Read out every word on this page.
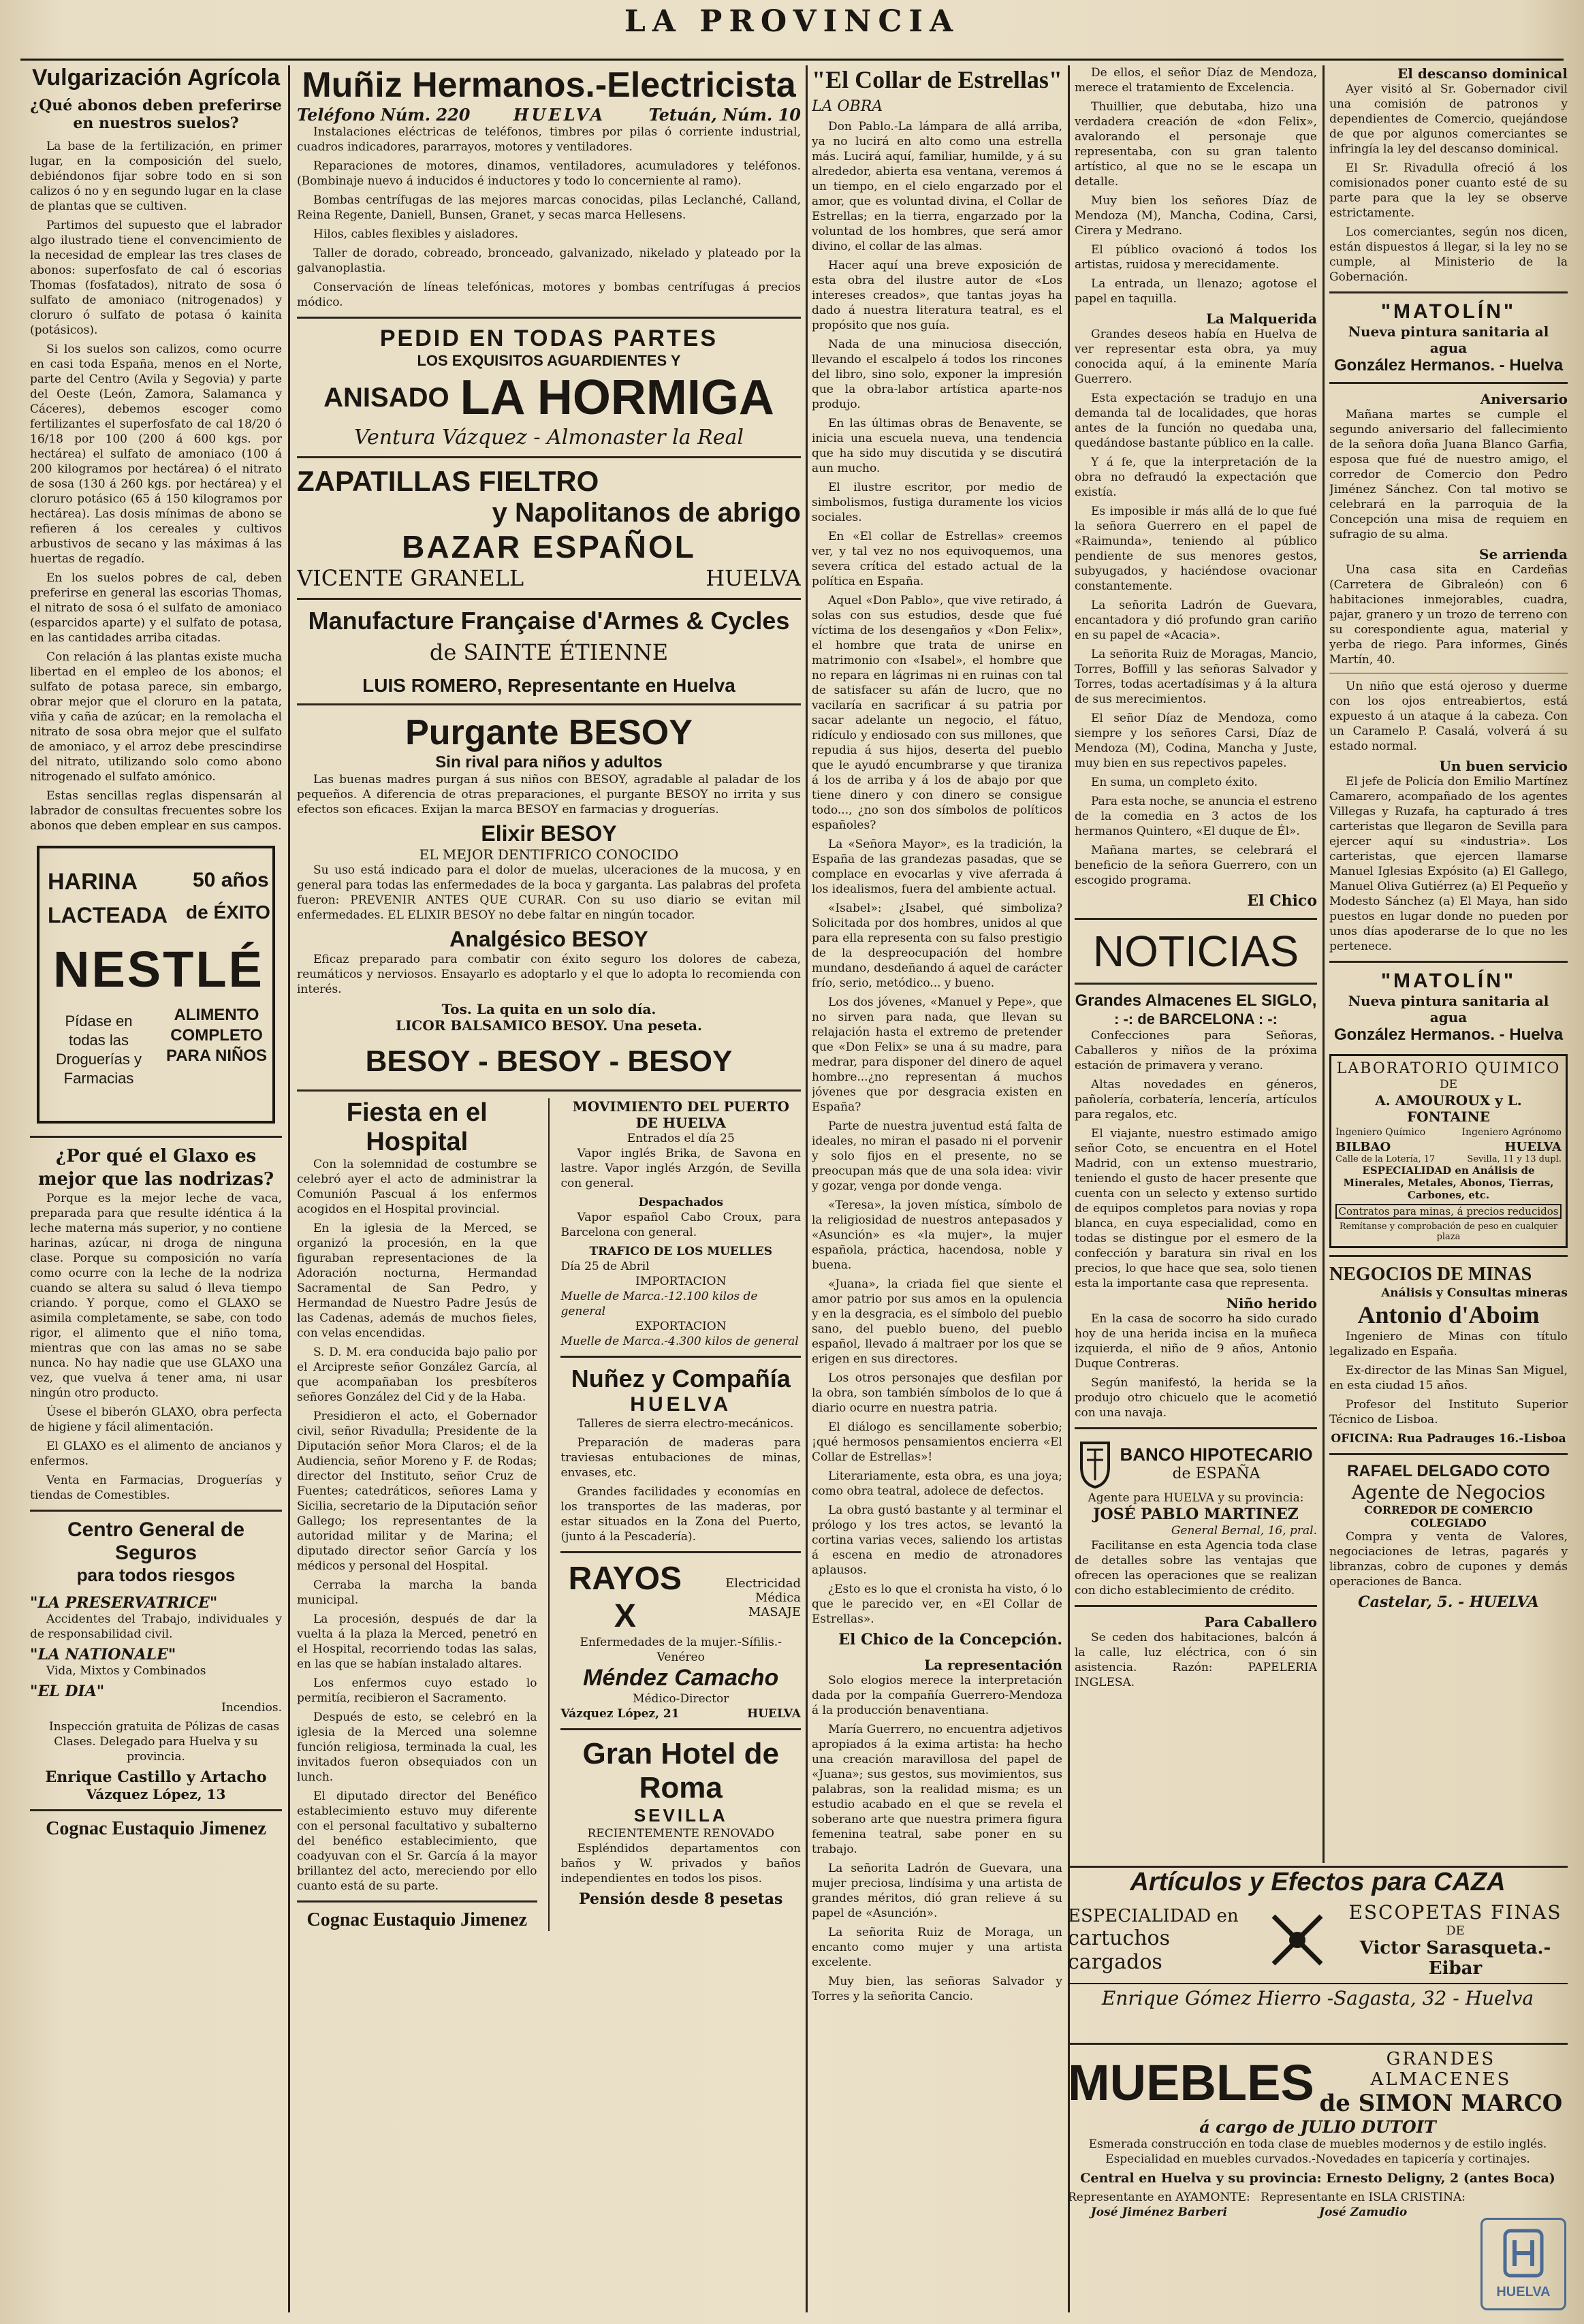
LA PROVINCIA
Vulgarización Agrícola
¿Qué abonos deben preferirse en nuestros suelos?

La base de la fertilización, en primer lugar, en la composición del suelo, debiéndonos fijar sobre todo en si son calizos ó no y en segundo lugar en la clase de plantas que se cultiven.

Partimos del supuesto que el labrador algo ilustrado tiene el convencimiento de la necesidad de emplear las tres clases de abonos: superfosfato de cal ó escorias Thomas (fosfatados), nitrato de sosa ó sulfato de amoniaco (nitrogenados) y cloruro ó sulfato de potasa ó kainita (potásicos).

Si los suelos son calizos, como ocurre en casi toda España, menos en el Norte, parte del Centro (Avila y Segovia) y parte del Oeste (León, Zamora, Salamanca y Cáceres), debemos escoger como fertilizantes el superfosfato de cal 18/20 ó 16/18 por 100 (200 á 600 kgs. por hectárea) el sulfato de amoniaco (100 á 200 kilogramos por hectárea) ó el nitrato de sosa (130 á 260 kgs. por hectárea) y el cloruro potásico (65 á 150 kilogramos por hectárea). Las dosis mínimas de abono se refieren á los cereales y cultivos arbustivos de secano y las máximas á las huertas de regadío.

En los suelos pobres de cal, deben preferirse en general las escorias Thomas, el nitrato de sosa ó el sulfato de amoniaco (esparcidos aparte) y el sulfato de potasa, en las cantidades arriba citadas.

Con relación á las plantas existe mucha libertad en el empleo de los abonos; el sulfato de potasa parece, sin embargo, obrar mejor que el cloruro en la patata, viña y caña de azúcar; en la remolacha el nitrato de sosa obra mejor que el sulfato de amoniaco, y el arroz debe prescindirse del nitrato, utilizando solo como abono nitrogenado el sulfato amónico.

Estas sencillas reglas dispensarán al labrador de consultas frecuentes sobre los abonos que deben emplear en sus campos.

HARINA
LACTEADA
50 años
de ÉXITO
NESTLÉ
Pídase en todas las Droguerías y Farmacias
ALIMENTO COMPLETO PARA NIÑOS
¿Por qué el Glaxo es mejor que las nodrizas?

Porque es la mejor leche de vaca, preparada para que resulte idéntica á la leche materna más superior, y no contiene harinas, azúcar, ni droga de ninguna clase. Porque su composición no varía como ocurre con la leche de la nodriza cuando se altera su salud ó lleva tiempo criando. Y porque, como el GLAXO se asimila completamente, se sabe, con todo rigor, el alimento que el niño toma, mientras que con las amas no se sabe nunca. No hay nadie que use GLAXO una vez, que vuelva á tener ama, ni usar ningún otro producto.

Úsese el biberón GLAXO, obra perfecta de higiene y fácil alimentación.

El GLAXO es el alimento de ancianos y enfermos.

Venta en Farmacias, Droguerías y tiendas de Comestibles.

Centro General de Seguros
para todos riesgos
"LA PRESERVATRICE"

Accidentes del Trabajo, individuales y de responsabilidad civil.

"LA NATIONALE"

Vida, Mixtos y Combinados

"EL DIA"

Incendios.

Inspección gratuita de Pólizas de casas Clases. Delegado para Huelva y su provincia.

Enrique Castillo y Artacho
Vázquez López, 13
Cognac Eustaquio Jimenez
Muñiz Hermanos.-Electricista
Teléfono Núm. 220	HUELVA	Tetuán, Núm. 10

Instalaciones eléctricas de teléfonos, timbres por pilas ó corriente industrial, cuadros indicadores, pararrayos, motores y ventiladores.

Reparaciones de motores, dinamos, ventiladores, acumuladores y teléfonos. (Bombinaje nuevo á inducidos é inductores y todo lo concerniente al ramo).

Bombas centrífugas de las mejores marcas conocidas, pilas Leclanché, Calland, Reina Regente, Daniell, Bunsen, Granet, y secas marca Hellesens.

Hilos, cables flexibles y aisladores.

Taller de dorado, cobreado, bronceado, galvanizado, nikelado y plateado por la galvanoplastia.

Conservación de líneas telefónicas, motores y bombas centrífugas á precios módico.

PEDID EN TODAS PARTES
LOS EXQUISITOS AGUARDIENTES Y
ANISADO LA HORMIGA
Ventura Vázquez - Almonaster la Real
ZAPATILLAS FIELTRO
y Napolitanos de abrigo
BAZAR ESPAÑOL
VICENTE GRANELL	HUELVA
Manufacture Française d'Armes & Cycles
de SAINTE ÉTIENNE
LUIS ROMERO, Representante en Huelva
Purgante BESOY
Sin rival para niños y adultos

Las buenas madres purgan á sus niños con BESOY, agradable al paladar de los pequeños. A diferencia de otras preparaciones, el purgante BESOY no irrita y sus efectos son eficaces. Exijan la marca BESOY en farmacias y droguerías.

Elixir BESOY
EL MEJOR DENTIFRICO CONOCIDO

Su uso está indicado para el dolor de muelas, ulceraciones de la mucosa, y en general para todas las enfermedades de la boca y garganta. Las palabras del profeta fueron: PREVENIR ANTES QUE CURAR. Con su uso diario se evitan mil enfermedades. EL ELIXIR BESOY no debe faltar en ningún tocador.

Analgésico BESOY

Eficaz preparado para combatir con éxito seguro los dolores de cabeza, reumáticos y nerviosos. Ensayarlo es adoptarlo y el que lo adopta lo recomienda con interés.

Tos. La quita en un solo día.
LICOR BALSAMICO BESOY. Una peseta.
BESOY - BESOY - BESOY
Fiesta en el Hospital

Con la solemnidad de costumbre se celebró ayer el acto de administrar la Comunión Pascual á los enfermos acogidos en el Hospital provincial.

En la iglesia de la Merced, se organizó la procesión, en la que figuraban representaciones de la Adoración nocturna, Hermandad Sacramental de San Pedro, y Hermandad de Nuestro Padre Jesús de las Cadenas, además de muchos fieles, con velas encendidas.

S. D. M. era conducida bajo palio por el Arcipreste señor González García, al que acompañaban los presbíteros señores González del Cid y de la Haba.

Presidieron el acto, el Gobernador civil, señor Rivadulla; Presidente de la Diputación señor Mora Claros; el de la Audiencia, señor Moreno y F. de Rodas; director del Instituto, señor Cruz de Fuentes; catedráticos, señores Lama y Sicilia, secretario de la Diputación señor Gallego; los representantes de la autoridad militar y de Marina; el diputado director señor García y los médicos y personal del Hospital.

Cerraba la marcha la banda municipal.

La procesión, después de dar la vuelta á la plaza la Merced, penetró en el Hospital, recorriendo todas las salas, en las que se habían instalado altares.

Los enfermos cuyo estado lo permitía, recibieron el Sacramento.

Después de esto, se celebró en la iglesia de la Merced una solemne función religiosa, terminada la cual, les invitados fueron obsequiados con un lunch.

El diputado director del Benéfico establecimiento estuvo muy diferente con el personal facultativo y subalterno del benéfico establecimiento, que coadyuvan con el Sr. García á la mayor brillantez del acto, mereciendo por ello cuanto está de su parte.

Cognac Eustaquio Jimenez
MOVIMIENTO DEL PUERTO DE HUELVA
Entrados el día 25

Vapor inglés Brika, de Savona en lastre. Vapor inglés Arzgón, de Sevilla con general.

Despachados

Vapor español Cabo Croux, para Barcelona con general.

TRAFICO DE LOS MUELLES
Día 25 de Abril
IMPORTACION
Muelle de Marca.-12.100 kilos de general
EXPORTACION
Muelle de Marca.-4.300 kilos de general
Nuñez y Compañía
HUELVA

Talleres de sierra electro-mecánicos.

Preparación de maderas para traviesas entubaciones de minas, envases, etc.

Grandes facilidades y economías en los transportes de las maderas, por estar situados en la Zona del Puerto, (junto á la Pescadería).

RAYOS X
Electricidad Médica
MASAJE
Enfermedades de la mujer.-Sífilis.-Venéreo
Méndez Camacho
Médico-Director
Vázquez López, 21	HUELVA
Gran Hotel de Roma
SEVILLA
RECIENTEMENTE RENOVADO

Espléndidos departamentos con baños y W. privados y baños independientes en todos los pisos.

Pensión desde 8 pesetas
"El Collar de Estrellas"
LA OBRA

Don Pablo.-La lámpara de allá arriba, ya no lucirá en alto como una estrella más. Lucirá aquí, familiar, humilde, y á su alrededor, abierta esa ventana, veremos á un tiempo, en el cielo engarzado por el amor, que es voluntad divina, el Collar de Estrellas; en la tierra, engarzado por la voluntad de los hombres, que será amor divino, el collar de las almas.

Hacer aquí una breve exposición de esta obra del ilustre autor de «Los intereses creados», que tantas joyas ha dado á nuestra literatura teatral, es el propósito que nos guía.

Nada de una minuciosa disección, llevando el escalpelo á todos los rincones del libro, sino solo, exponer la impresión que la obra-labor artística aparte-nos produjo.

En las últimas obras de Benavente, se inicia una escuela nueva, una tendencia que ha sido muy discutida y se discutirá aun mucho.

El ilustre escritor, por medio de simbolismos, fustiga duramente los vicios sociales.

En «El collar de Estrellas» creemos ver, y tal vez no nos equivoquemos, una severa crítica del estado actual de la política en España.

Aquel «Don Pablo», que vive retirado, á solas con sus estudios, desde que fué víctima de los desengaños y «Don Felix», el hombre que trata de unirse en matrimonio con «Isabel», el hombre que no repara en lágrimas ni en ruinas con tal de satisfacer su afán de lucro, que no vacilaría en sacrificar á su patria por sacar adelante un negocio, el fátuo, ridículo y endiosado con sus millones, que repudia á sus hijos, deserta del pueblo que le ayudó encumbrarse y que tiraniza á los de arriba y á los de abajo por que tiene dinero y con dinero se consigue todo..., ¿no son dos símbolos de políticos españoles?

La «Señora Mayor», es la tradición, la España de las grandezas pasadas, que se complace en evocarlas y vive aferrada á los idealismos, fuera del ambiente actual.

«Isabel»: ¿Isabel, qué simboliza? Solicitada por dos hombres, unidos al que para ella representa con su falso prestigio de la despreocupación del hombre mundano, desdeñando á aquel de carácter frío, serio, metódico... y bueno.

Los dos jóvenes, «Manuel y Pepe», que no sirven para nada, que llevan su relajación hasta el extremo de pretender que «Don Felix» se una á su madre, para medrar, para disponer del dinero de aquel hombre...¿no representan á muchos jóvenes que por desgracia existen en España?

Parte de nuestra juventud está falta de ideales, no miran el pasado ni el porvenir y solo fijos en el presente, no se preocupan más que de una sola idea: vivir y gozar, venga por donde venga.

«Teresa», la joven mística, símbolo de la religiosidad de nuestros antepasados y «Asunción» es «la mujer», la mujer española, práctica, hacendosa, noble y buena.

«Juana», la criada fiel que siente el amor patrio por sus amos en la opulencia y en la desgracia, es el símbolo del pueblo sano, del pueblo bueno, del pueblo español, llevado á maltraer por los que se erigen en sus directores.

Los otros personajes que desfilan por la obra, son también símbolos de lo que á diario ocurre en nuestra patria.

El diálogo es sencillamente soberbio; ¡qué hermosos pensamientos encierra «El Collar de Estrellas»!

Literariamente, esta obra, es una joya; como obra teatral, adolece de defectos.

La obra gustó bastante y al terminar el prólogo y los tres actos, se levantó la cortina varias veces, saliendo los artistas á escena en medio de atronadores aplausos.

¿Esto es lo que el cronista ha visto, ó lo que le parecido ver, en «El Collar de Estrellas».

El Chico de la Concepción.
La representación

Solo elogios merece la interpretación dada por la compañía Guerrero-Mendoza á la producción benaventiana.

María Guerrero, no encuentra adjetivos apropiados á la exima artista: ha hecho una creación maravillosa del papel de «Juana»; sus gestos, sus movimientos, sus palabras, son la realidad misma; es un estudio acabado en el que se revela el soberano arte que nuestra primera figura femenina teatral, sabe poner en su trabajo.

La señorita Ladrón de Guevara, una mujer preciosa, lindísima y una artista de grandes méritos, dió gran relieve á su papel de «Asunción».

La señorita Ruiz de Moraga, un encanto como mujer y una artista excelente.

Muy bien, las señoras Salvador y Torres y la señorita Cancio.

De ellos, el señor Díaz de Mendoza, merece el tratamiento de Excelencia.

Thuillier, que debutaba, hizo una verdadera creación de «don Felix», avalorando el personaje que representaba, con su gran talento artístico, al que no se le escapa un detalle.

Muy bien los señores Díaz de Mendoza (M), Mancha, Codina, Carsi, Cirera y Medrano.

El público ovacionó á todos los artistas, ruidosa y merecidamente.

La entrada, un llenazo; agotose el papel en taquilla.

La Malquerida

Grandes deseos había en Huelva de ver representar esta obra, ya muy conocida aquí, á la eminente María Guerrero.

Esta expectación se tradujo en una demanda tal de localidades, que horas antes de la función no quedaba una, quedándose bastante público en la calle.

Y á fe, que la interpretación de la obra no defraudó la expectación que existía.

Es imposible ir más allá de lo que fué la señora Guerrero en el papel de «Raimunda», teniendo al público pendiente de sus menores gestos, subyugados, y haciéndose ovacionar constantemente.

La señorita Ladrón de Guevara, encantadora y dió profundo gran cariño en su papel de «Acacia».

La señorita Ruiz de Moragas, Mancio, Torres, Boffill y las señoras Salvador y Torres, todas acertadísimas y á la altura de sus merecimientos.

El señor Díaz de Mendoza, como siempre y los señores Carsi, Díaz de Mendoza (M), Codina, Mancha y Juste, muy bien en sus repectivos papeles.

En suma, un completo éxito.

Para esta noche, se anuncia el estreno de la comedia en 3 actos de los hermanos Quintero, «El duque de Él».

Mañana martes, se celebrará el beneficio de la señora Guerrero, con un escogido programa.

El Chico
NOTICIAS
Grandes Almacenes EL SIGLO,
: -: de BARCELONA : -:

Confecciones para Señoras, Caballeros y niños de la próxima estación de primavera y verano.

Altas novedades en géneros, pañolería, corbatería, lencería, artículos para regalos, etc.

El viajante, nuestro estimado amigo señor Coto, se encuentra en el Hotel Madrid, con un extenso muestrario, teniendo el gusto de hacer presente que cuenta con un selecto y extenso surtido de equipos completos para novias y ropa blanca, en cuya especialidad, como en todas se distingue por el esmero de la confección y baratura sin rival en los precios, lo que hace que sea, solo tienen esta la importante casa que representa.

Niño herido

En la casa de socorro ha sido curado hoy de una herida incisa en la muñeca izquierda, el niño de 9 años, Antonio Duque Contreras.

Según manifestó, la herida se la produjo otro chicuelo que le acometió con una navaja.

BANCO HIPOTECARIO
de ESPAÑA
Agente para HUELVA y su provincia:
JOSÉ PABLO MARTINEZ
General Bernal, 16, pral.

Facilitanse en esta Agencia toda clase de detalles sobre las ventajas que ofrecen las operaciones que se realizan con dicho establecimiento de crédito.

Para Caballero

Se ceden dos habitaciones, balcón á la calle, luz eléctrica, con ó sin asistencia. Razón: PAPELERIA INGLESA.

El descanso dominical

Ayer visitó al Sr. Gobernador civil una comisión de patronos y dependientes de Comercio, quejándose de que por algunos comerciantes se infringía la ley del descanso dominical.

El Sr. Rivadulla ofreció á los comisionados poner cuanto esté de su parte para que la ley se observe estrictamente.

Los comerciantes, según nos dicen, están dispuestos á llegar, si la ley no se cumple, al Ministerio de la Gobernación.

"MATOLÍN"
Nueva pintura sanitaria al agua
González Hermanos. - Huelva
Aniversario

Mañana martes se cumple el segundo aniversario del fallecimiento de la señora doña Juana Blanco Garfia, esposa que fué de nuestro amigo, el corredor de Comercio don Pedro Jiménez Sánchez. Con tal motivo se celebrará en la parroquia de la Concepción una misa de requiem en sufragio de su alma.

Se arrienda

Una casa sita en Cardeñas (Carretera de Gibraleón) con 6 habitaciones inmejorables, cuadra, pajar, granero y un trozo de terreno con su corespondiente agua, material y yerba de riego. Para informes, Ginés Martín, 40.

Un niño que está ojeroso y duerme con los ojos entreabiertos, está expuesto á un ataque á la cabeza. Con un Caramelo P. Casalá, volverá á su estado normal.

Un buen servicio

El jefe de Policía don Emilio Martínez Camarero, acompañado de los agentes Villegas y Ruzafa, ha capturado á tres carteristas que llegaron de Sevilla para ejercer aquí su «industria». Los carteristas, que ejercen llamarse Manuel Iglesias Expósito (a) El Gallego, Manuel Oliva Gutiérrez (a) El Pequeño y Modesto Sánchez (a) El Maya, han sido puestos en lugar donde no pueden por unos días apoderarse de lo que no les pertenece.

"MATOLÍN"
Nueva pintura sanitaria al agua
González Hermanos. - Huelva
LABORATORIO QUIMICO
DE
A. AMOUROUX y L. FONTAINE
Ingeniero Químico	Ingeniero Agrónomo
BILBAO	HUELVA
Calle de la Lotería, 17	Sevilla, 11 y 13 dupl.
ESPECIALIDAD en Análisis de Minerales, Metales, Abonos, Tierras, Carbones, etc.
Contratos para minas, á precios reducidos
Remítanse y comprobación de peso en cualquier plaza
NEGOCIOS DE MINAS
Análisis y Consultas mineras
Antonio d'Aboim

Ingeniero de Minas con título legalizado en España.

Ex-director de las Minas San Miguel, en esta ciudad 15 años.

Profesor del Instituto Superior Técnico de Lisboa.

OFICINA: Rua Padrauges 16.-Lisboa
RAFAEL DELGADO COTO
Agente de Negocios
CORREDOR DE COMERCIO COLEGIADO

Compra y venta de Valores, negociaciones de letras, pagarés y libranzas, cobro de cupones y demás operaciones de Banca.

Castelar, 5. - HUELVA
Artículos y Efectos para CAZA
ESPECIALIDAD en
cartuchos cargados
ESCOPETAS FINAS
DE
Victor Sarasqueta.-Eibar
Enrique Gómez Hierro -Sagasta, 32 - Huelva
MUEBLES	GRANDES ALMACENES
de SIMON MARCO
á cargo de JULIO DUTOIT

Esmerada construcción en toda clase de muebles modernos y de estilo inglés. Especialidad en muebles curvados.-Novedades en tapicería y cortinajes.

Central en Huelva y su provincia: Ernesto Deligny, 2 (antes Boca)
Representante en AYAMONTE:
José Jiménez Barberi
Representante en ISLA CRISTINA:
José Zamudio
HUELVA
